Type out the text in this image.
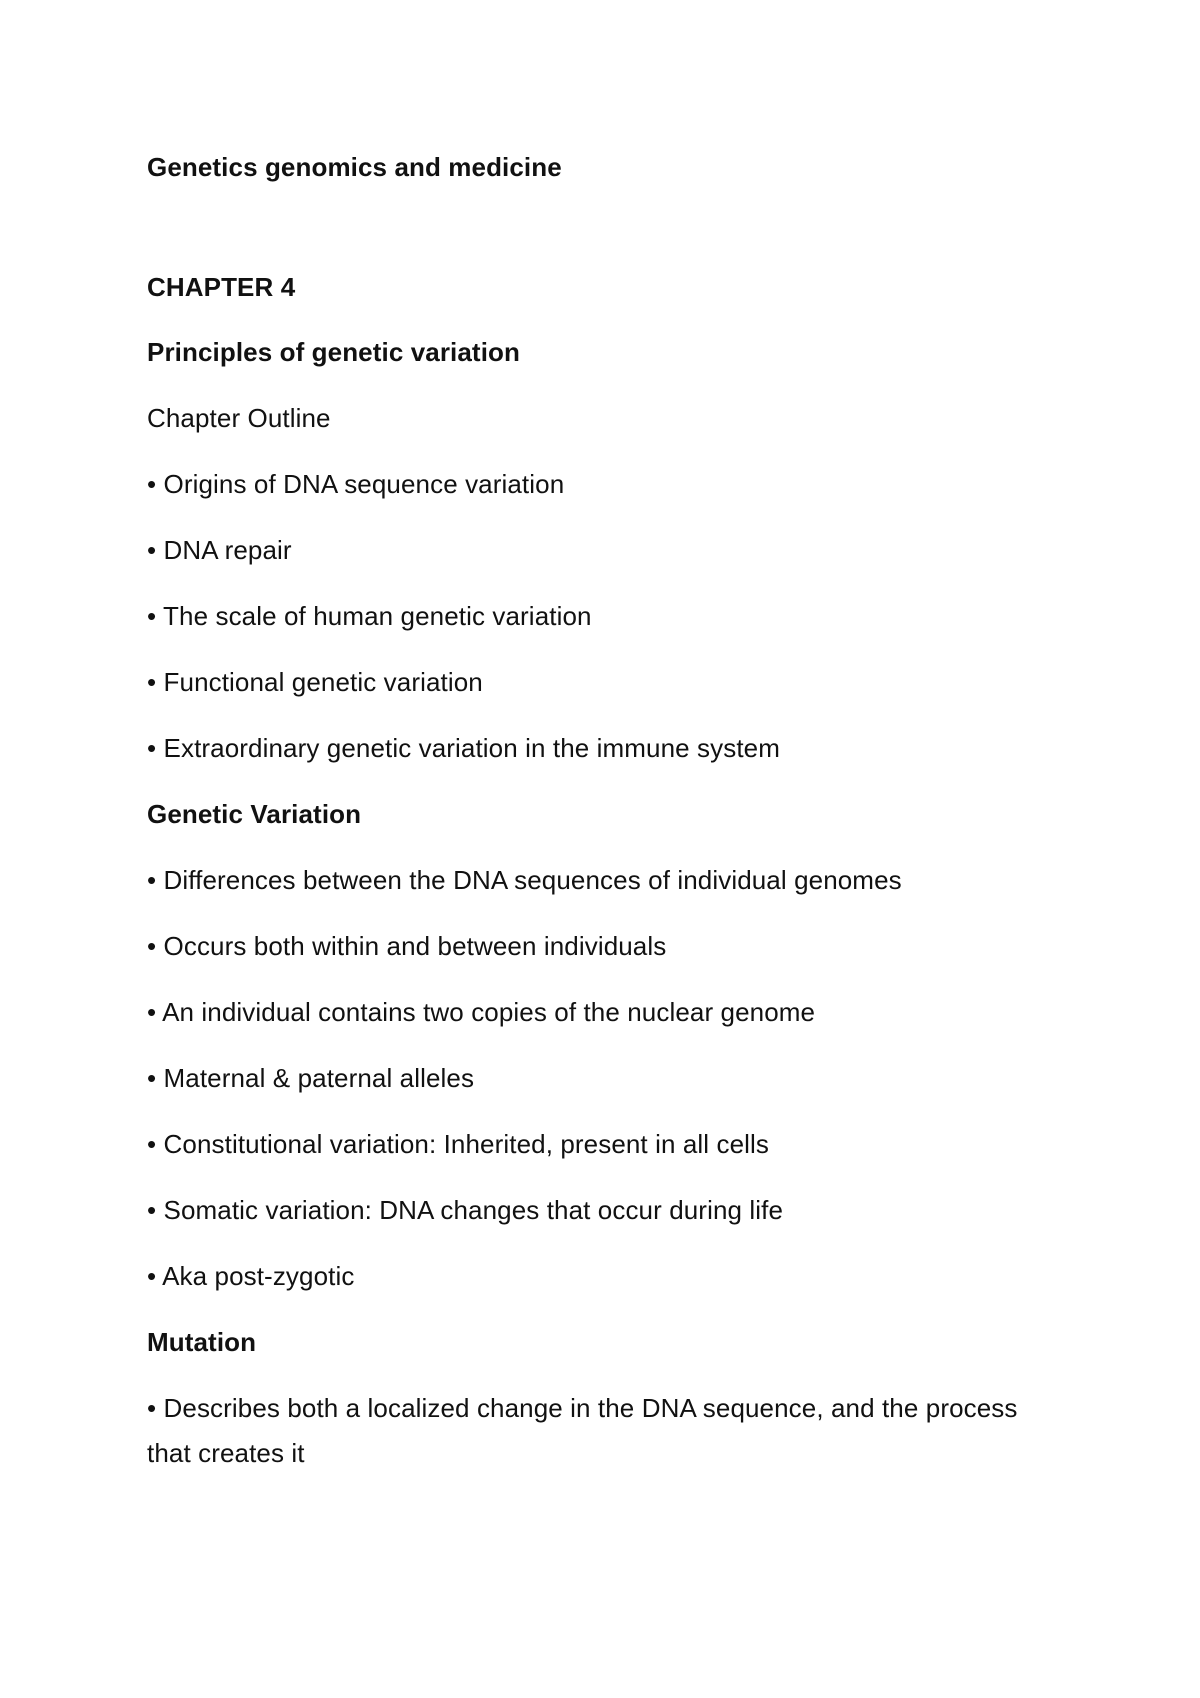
Genetics genomics and medicine
CHAPTER 4
Principles of genetic variation
Chapter Outline
• Origins of DNA sequence variation
• DNA repair
• The scale of human genetic variation
• Functional genetic variation
• Extraordinary genetic variation in the immune system
Genetic Variation
• Differences between the DNA sequences of individual genomes
• Occurs both within and between individuals
• An individual contains two copies of the nuclear genome
• Maternal & paternal alleles
• Constitutional variation: Inherited, present in all cells
• Somatic variation: DNA changes that occur during life
• Aka post-zygotic
Mutation
• Describes both a localized change in the DNA sequence, and the process that creates it
